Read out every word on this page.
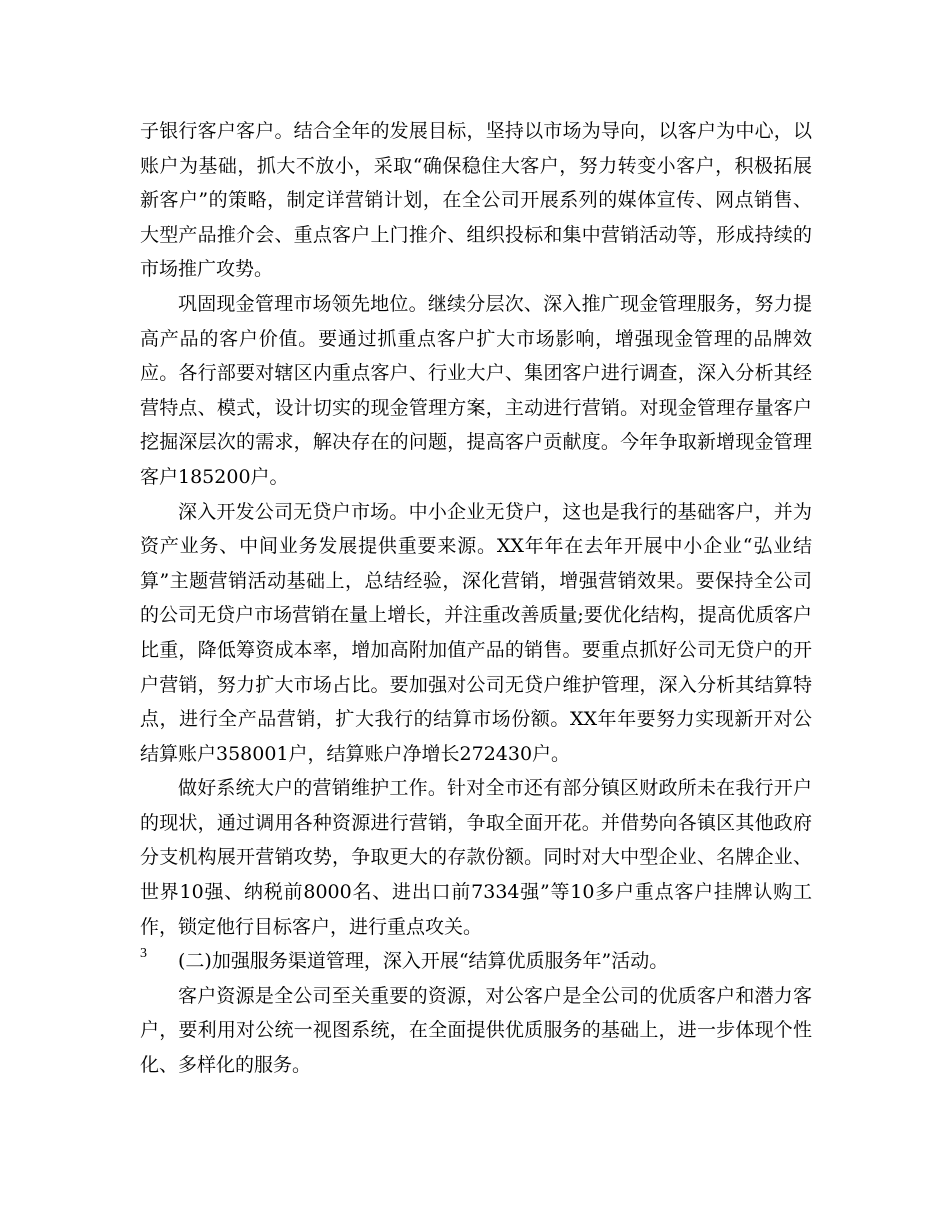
子银行客户客户。结合全年的发展目标，坚持以市场为导向，以客户为中心，以账户为基础，抓大不放小，采取“确保稳住大客户，努力转变小客户，积极拓展新客户”的策略，制定详营销计划，在全公司开展系列的媒体宣传、网点销售、大型产品推介会、重点客户上门推介、组织投标和集中营销活动等，形成持续的市场推广攻势。

巩固现金管理市场领先地位。继续分层次、深入推广现金管理服务，努力提高产品的客户价值。要通过抓重点客户扩大市场影响，增强现金管理的品牌效应。各行部要对辖区内重点客户、行业大户、集团客户进行调查，深入分析其经营特点、模式，设计切实的现金管理方案，主动进行营销。对现金管理存量客户挖掘深层次的需求，解决存在的问题，提高客户贡献度。今年争取新增现金管理客户185200户。

深入开发公司无贷户市场。中小企业无贷户，这也是我行的基础客户，并为资产业务、中间业务发展提供重要来源。XX年年在去年开展中小企业“弘业结算”主题营销活动基础上，总结经验，深化营销，增强营销效果。要保持全公司的公司无贷户市场营销在量上增长，并注重改善质量;要优化结构，提高优质客户比重，降低筹资成本率，增加高附加值产品的销售。要重点抓好公司无贷户的开户营销，努力扩大市场占比。要加强对公司无贷户维护管理，深入分析其结算特点，进行全产品营销，扩大我行的结算市场份额。XX年年要努力实现新开对公结算账户358001户，结算账户净增长272430户。

做好系统大户的营销维护工作。针对全市还有部分镇区财政所未在我行开户的现状，通过调用各种资源进行营销，争取全面开花。并借势向各镇区其他政府分支机构展开营销攻势，争取更大的存款份额。同时对大中型企业、名牌企业、世界10强、纳税前8000名、进出口前7334强”等10多户重点客户挂牌认购工作，锁定他行目标客户，进行重点攻关。

(二)加强服务渠道管理，深入开展“结算优质服务年”活动。

客户资源是全公司至关重要的资源，对公客户是全公司的优质客户和潜力客户，要利用对公统一视图系统，在全面提供优质服务的基础上，进一步体现个性化、多样化的服务。

3
